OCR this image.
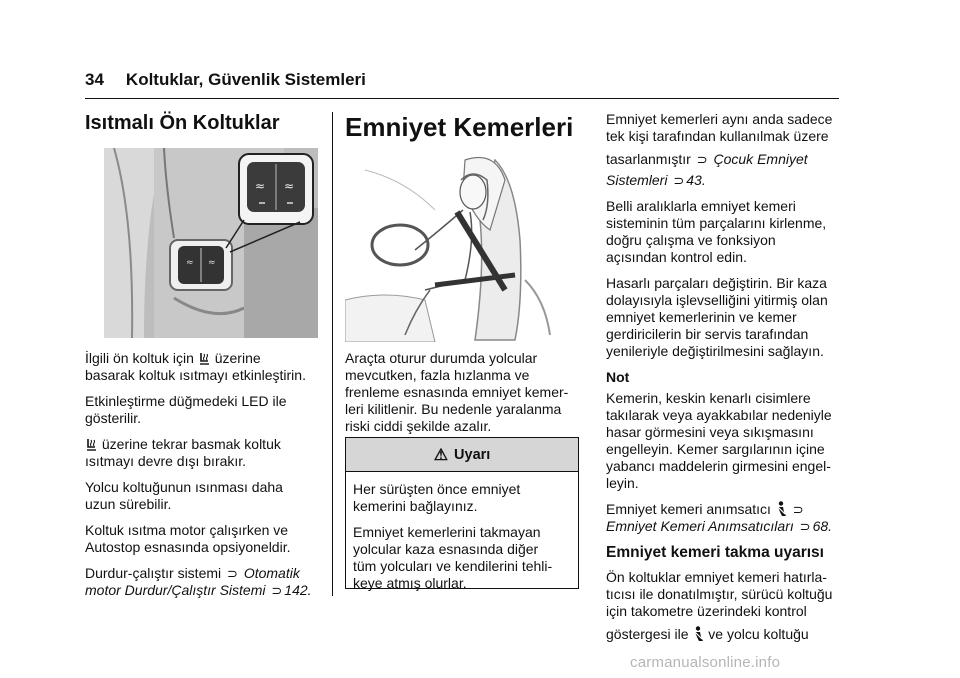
34 Koltuklar, Güvenlik Sistemleri
Isıtmalı Ön Koltuklar
≈ ≈
≈ ≈

İlgili ön koltuk için üzerine
basarak koltuk ısıtmayı etkinleştirin.

Etkinleştirme düğmedeki LED ile
gösterilir.

üzerine tekrar basmak koltuk
ısıtmayı devre dışı bırakır.

Yolcu koltuğunun ısınması daha
uzun sürebilir.

Koltuk ısıtma motor çalışırken ve
Autostop esnasında opsiyoneldir.

Durdur-çalıştır sistemi ⊃ Otomatik
motor Durdur/Çalıştır Sistemi ⊃ 142.

Emniyet Kemerleri

Araçta oturur durumda yolcular
mevcutken, fazla hızlanma ve
frenleme esnasında emniyet kemer-
leri kilitlenir. Bu nedenle yaralanma
riski ciddi şekilde azalır.

⚠ Uyarı

Her sürüşten önce emniyet
kemerini bağlayınız.

Emniyet kemerlerini takmayan
yolcular kaza esnasında diğer
tüm yolcuları ve kendilerini tehli-
keye atmış olurlar.

Emniyet kemerleri aynı anda sadece
tek kişi tarafından kullanılmak üzere
tasarlanmıştır ⊃ Çocuk Emniyet
Sistemleri ⊃ 43.

Belli aralıklarla emniyet kemeri
sisteminin tüm parçalarını kirlenme,
doğru çalışma ve fonksiyon
açısından kontrol edin.

Hasarlı parçaları değiştirin. Bir kaza
dolayısıyla işlevselliğini yitirmiş olan
emniyet kemerlerinin ve kemer
gerdiricilerin bir servis tarafından
yenileriyle değiştirilmesini sağlayın.

Not

Kemerin, keskin kenarlı cisimlere
takılarak veya ayakkabılar nedeniyle
hasar görmesini veya sıkışmasını
engelleyin. Kemer sargılarının içine
yabancı maddelerin girmesini engel-
leyin.

Emniyet kemeri anımsatıcı ⊃
Emniyet Kemeri Anımsatıcıları ⊃ 68.

Emniyet kemeri takma uyarısı

Ön koltuklar emniyet kemeri hatırla-
tıcısı ile donatılmıştır, sürücü koltuğu
için takometre üzerindeki kontrol
göstergesi ile ve yolcu koltuğu

carmanualsonline.info
